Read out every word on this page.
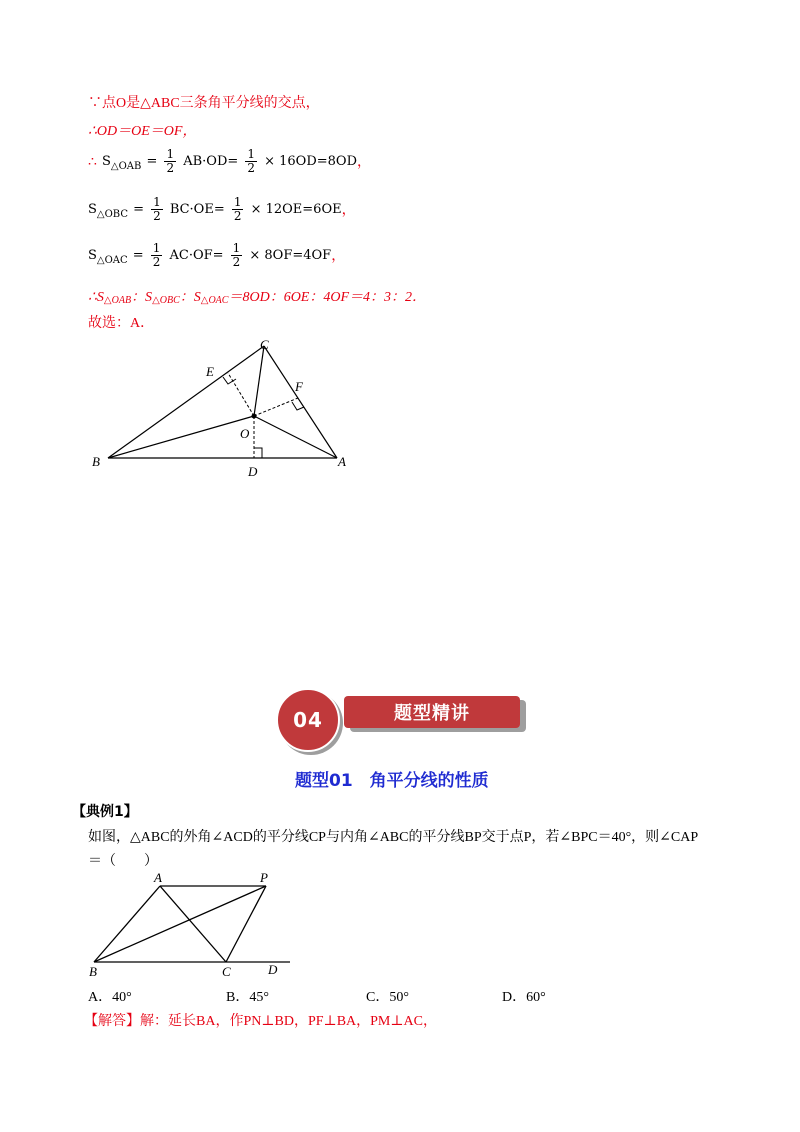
∵点O是△ABC三条角平分线的交点，
∴OD＝OE＝OF，
∴ $S_{\triangle OAB} = \frac{1}{2} AB\cdot OD= \frac{1}{2} \times 16OD=8OD$，
$S_{\triangle OBC} = \frac{1}{2} BC\cdot OE= \frac{1}{2} \times 12OE=6OE$，
$S_{\triangle OAC} = \frac{1}{2} AC\cdot OF= \frac{1}{2} \times 8OF=4OF$，
∴S△OAB：S△OBC：S△OAC＝8OD：6OE：4OF＝4：3：2．
故选：A．
C
E
F
O
B
D
A
题型精讲
04
题型01　角平分线的性质
【典例1】
如图，△ABC的外角∠ACD的平分线CP与内角∠ABC的平分线BP交于点P，若∠BPC＝40°，则∠CAP
＝（　　）
A	P
B	C	D
A．40°	B．45°	C．50°	D．60°
【解答】解：延长BA，作PN⊥BD，PF⊥BA，PM⊥AC，
